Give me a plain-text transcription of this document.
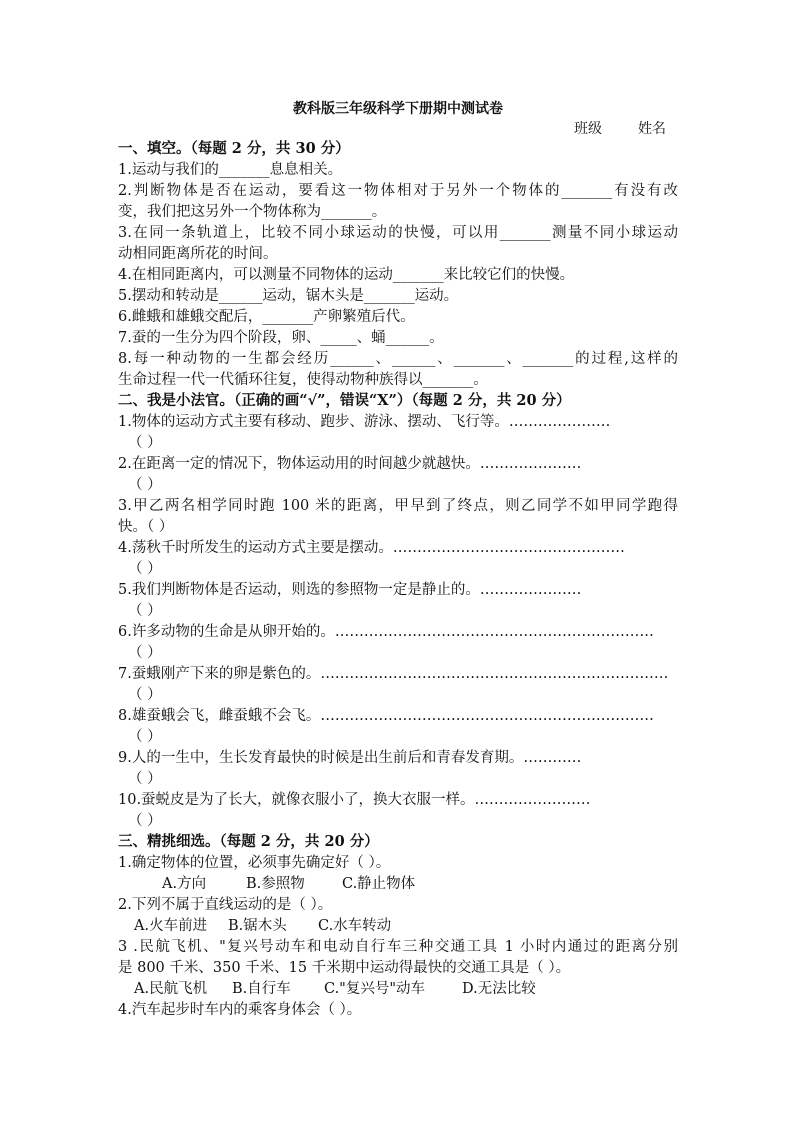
教科版三年级科学下册期中测试卷
班级	姓名
一、填空。（每题 2 分，共 30 分）
1.运动与我们的_______息息相关。
2.判断物体是否在运动，要看这一物体相对于另外一个物体的_______有没有改
变，我们把这另外一个物体称为_______。
3.在同一条轨道上，比较不同小球运动的快慢，可以用_______测量不同小球运动
动相同距离所花的时间。
4.在相同距离内，可以测量不同物体的运动_______来比较它们的快慢。
5.摆动和转动是______运动，锯木头是_______运动。
6.雌蛾和雄蛾交配后，_______产卵繁殖后代。
7.蚕的一生分为四个阶段，卵、_____、蛹______。
8.每一种动物的一生都会经历______、______、_______、_______的过程,这样的
生命过程一代一代循环往复，使得动物种族得以_______。
二、我是小法官。（正确的画“√”，错误“X”）（每题 2 分，共 20 分）
1.物体的运动方式主要有移动、跑步、游泳、摆动、飞行等。…………………
（ ）
2.在距离一定的情况下，物体运动用的时间越少就越快。…………………
（ ）
3.甲乙两名相学同时跑 100 米的距离，甲早到了终点，则乙同学不如甲同学跑得
快。（ ）
4.荡秋千时所发生的运动方式主要是摆动。…………………………………………
（ ）
5.我们判断物体是否运动，则选的参照物一定是静止的。…………………
（ ）
6.许多动物的生命是从卵开始的。…………………………………………………………
（ ）
7.蚕蛾刚产下来的卵是紫色的。………………………………………………………………
（ ）
8.雄蚕蛾会飞，雌蚕蛾不会飞。……………………………………………………………
（ ）
9.人的一生中，生长发育最快的时候是出生前后和青春发育期。…………
（ ）
10.蚕蜕皮是为了长大，就像衣服小了，换大衣服一样。……………………
（ ）
三、精挑细选。（每题 2 分，共 20 分）
1.确定物体的位置，必须事先确定好（ ）。
A.方向	B.参照物	C.静止物体
2.下列不属于直线运动的是（ ）。
A.火车前进 B.锯木头 C.水车转动
3 .民航飞机、"复兴号动车和电动自行车三种交通工具 1 小时内通过的距离分别
是 800 千米、350 千米、15 千米期中运动得最快的交通工具是（ ）。
A.民航飞机 B.自行车 C."复兴号"动车	D.无法比较
4.汽车起步时车内的乘客身体会（ ）。
